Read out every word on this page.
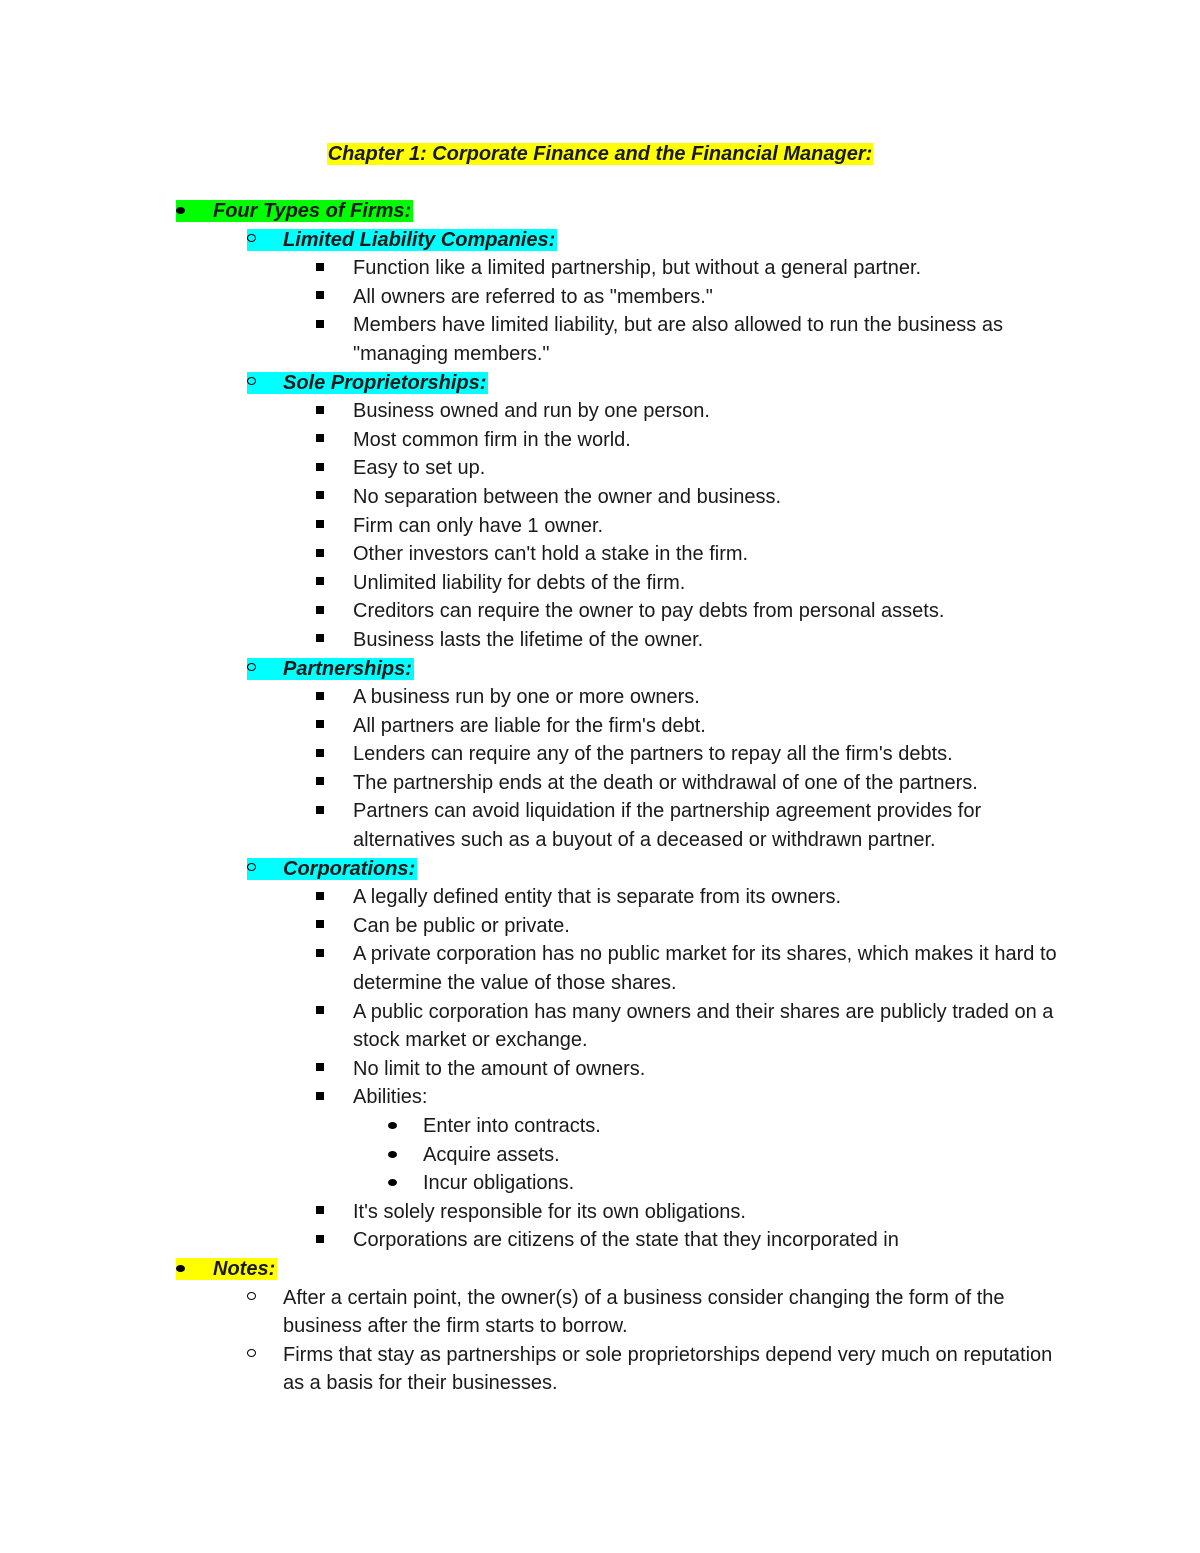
Chapter 1: Corporate Finance and the Financial Manager:
Four Types of Firms:
Limited Liability Companies:
Function like a limited partnership, but without a general partner.
All owners are referred to as "members."
Members have limited liability, but are also allowed to run the business as "managing members."
Sole Proprietorships:
Business owned and run by one person.
Most common firm in the world.
Easy to set up.
No separation between the owner and business.
Firm can only have 1 owner.
Other investors can't hold a stake in the firm.
Unlimited liability for debts of the firm.
Creditors can require the owner to pay debts from personal assets.
Business lasts the lifetime of the owner.
Partnerships:
A business run by one or more owners.
All partners are liable for the firm's debt.
Lenders can require any of the partners to repay all the firm's debts.
The partnership ends at the death or withdrawal of one of the partners.
Partners can avoid liquidation if the partnership agreement provides for alternatives such as a buyout of a deceased or withdrawn partner.
Corporations:
A legally defined entity that is separate from its owners.
Can be public or private.
A private corporation has no public market for its shares, which makes it hard to determine the value of those shares.
A public corporation has many owners and their shares are publicly traded on a stock market or exchange.
No limit to the amount of owners.
Abilities:
Enter into contracts.
Acquire assets.
Incur obligations.
It's solely responsible for its own obligations.
Corporations are citizens of the state that they incorporated in
Notes:
After a certain point, the owner(s) of a business consider changing the form of the business after the firm starts to borrow.
Firms that stay as partnerships or sole proprietorships depend very much on reputation as a basis for their businesses.
